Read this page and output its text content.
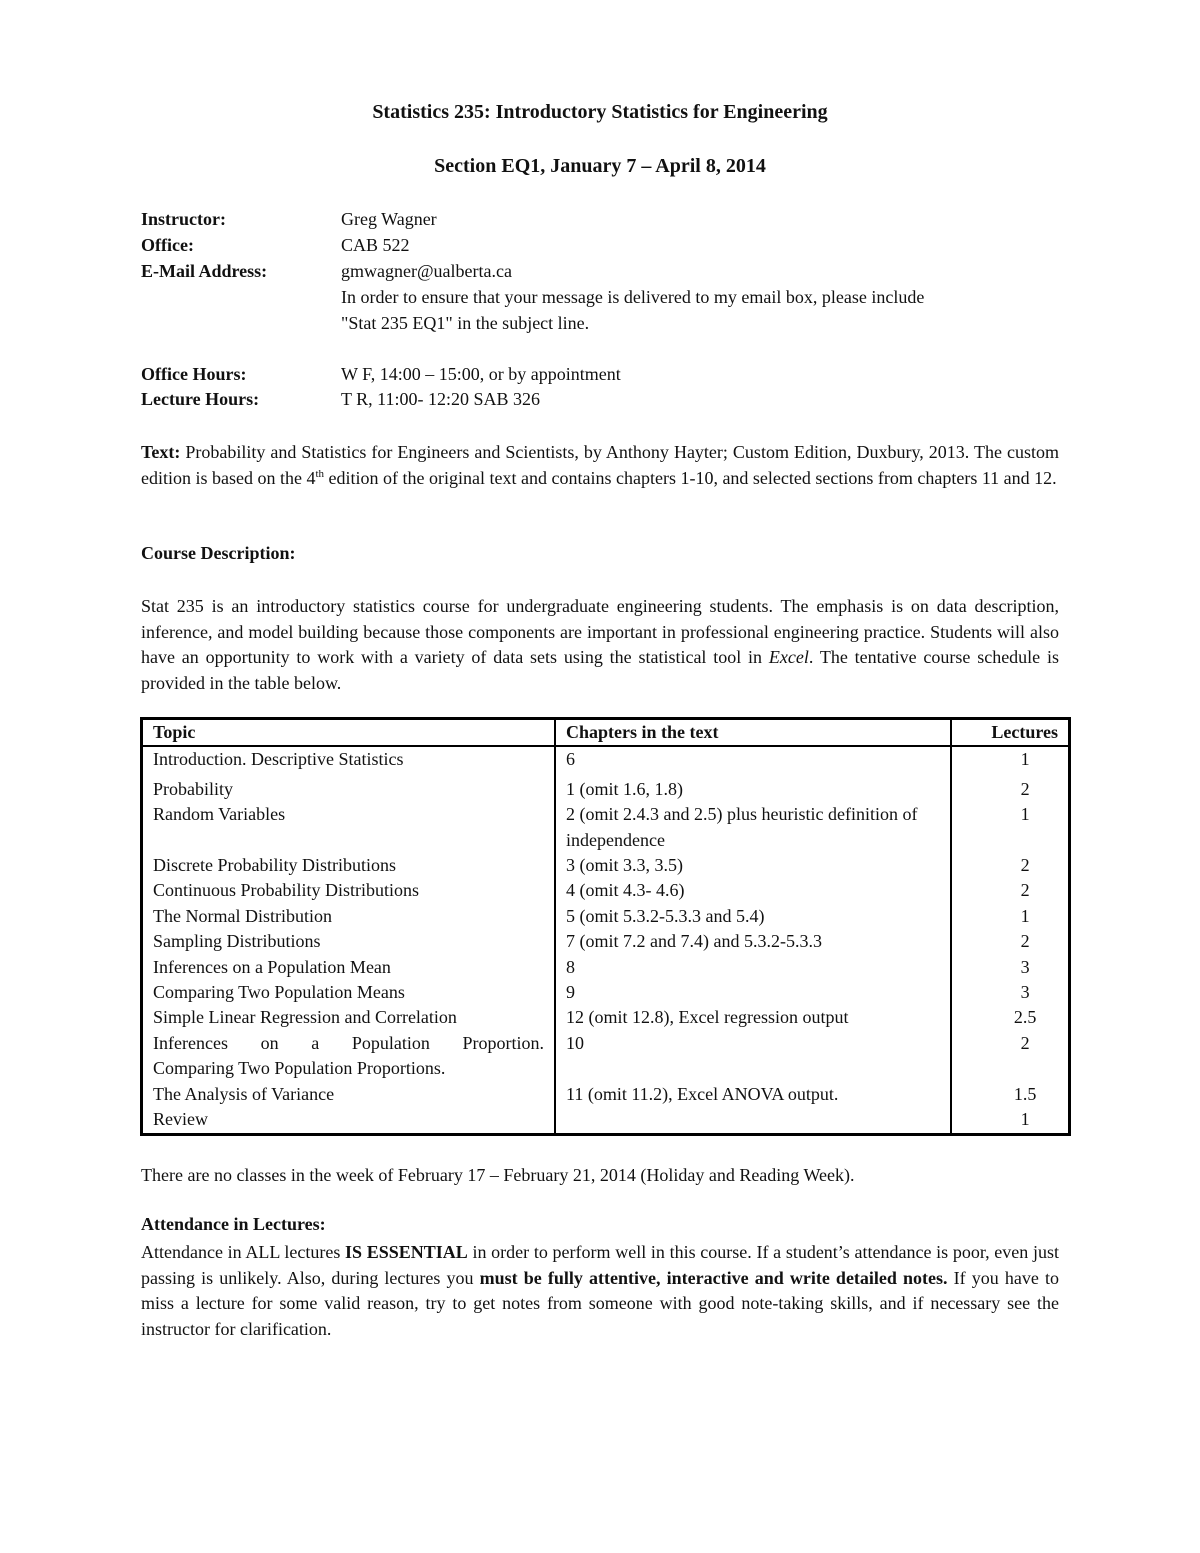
Statistics 235: Introductory Statistics for Engineering
Section EQ1, January 7 – April 8, 2014
Instructor:	Greg Wagner
Office:	CAB 522
E-Mail Address:	gmwagner@ualberta.ca
In order to ensure that your message is delivered to my email box, please include
"Stat 235 EQ1" in the subject line.
Office Hours:	W F, 14:00 – 15:00, or by appointment
Lecture Hours:	T R, 11:00- 12:20 SAB 326

Text: Probability and Statistics for Engineers and Scientists, by Anthony Hayter; Custom Edition, Duxbury, 2013. The custom edition is based on the 4th edition of the original text and contains chapters 1-10, and selected sections from chapters 11 and 12.

Course Description:

Stat 235 is an introductory statistics course for undergraduate engineering students. The emphasis is on data description, inference, and model building because those components are important in professional engineering practice. Students will also have an opportunity to work with a variety of data sets using the statistical tool in Excel. The tentative course schedule is provided in the table below.

Topic	Chapters in the text	Lectures
Introduction. Descriptive Statistics	6	1
Probability	1 (omit 1.6, 1.8)	2
Random Variables	2 (omit 2.4.3 and 2.5) plus heuristic definition of independence	1
Discrete Probability Distributions	3 (omit 3.3, 3.5)	2
Continuous Probability Distributions	4 (omit 4.3- 4.6)	2
The Normal Distribution	5 (omit 5.3.2-5.3.3 and 5.4)	1
Sampling Distributions	7 (omit 7.2 and 7.4) and 5.3.2-5.3.3	2
Inferences on a Population Mean	8	3
Comparing Two Population Means	9	3
Simple Linear Regression and Correlation	12 (omit 12.8), Excel regression output	2.5

Inferences on a Population Proportion.
Comparing Two Population Proportions.	10	2
The Analysis of Variance	11 (omit 11.2), Excel ANOVA output.	1.5
Review		1
There are no classes in the week of February 17 – February 21, 2014 (Holiday and Reading Week).
Attendance in Lectures:

Attendance in ALL lectures IS ESSENTIAL in order to perform well in this course. If a student’s attendance is poor, even just passing is unlikely. Also, during lectures you must be fully attentive, interactive and write detailed notes. If you have to miss a lecture for some valid reason, try to get notes from someone with good note-taking skills, and if necessary see the instructor for clarification.
